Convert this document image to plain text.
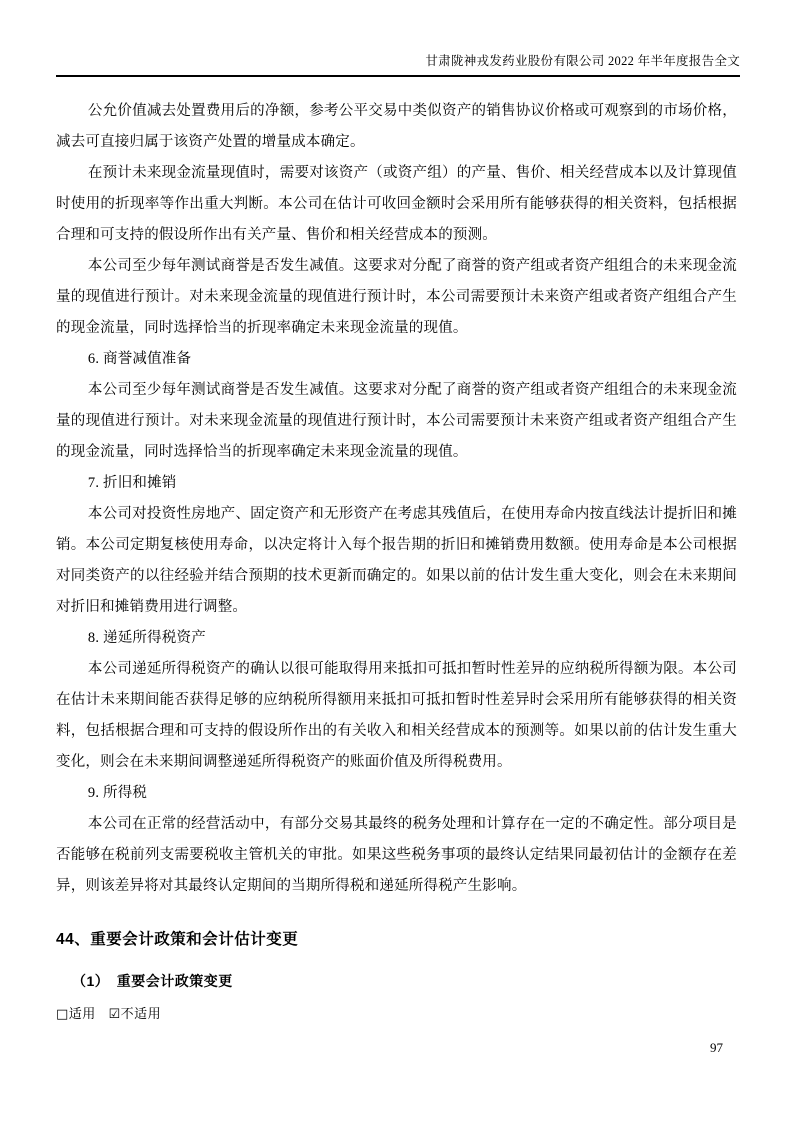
甘肃陇神戎发药业股份有限公司 2022 年半年度报告全文

公允价值减去处置费用后的净额，参考公平交易中类似资产的销售协议价格或可观察到的市场价格，减去可直接归属于该资产处置的增量成本确定。

在预计未来现金流量现值时，需要对该资产（或资产组）的产量、售价、相关经营成本以及计算现值时使用的折现率等作出重大判断。本公司在估计可收回金额时会采用所有能够获得的相关资料，包括根据合理和可支持的假设所作出有关产量、售价和相关经营成本的预测。

本公司至少每年测试商誉是否发生减值。这要求对分配了商誉的资产组或者资产组组合的未来现金流量的现值进行预计。对未来现金流量的现值进行预计时，本公司需要预计未来资产组或者资产组组合产生的现金流量，同时选择恰当的折现率确定未来现金流量的现值。

6. 商誉减值准备

本公司至少每年测试商誉是否发生减值。这要求对分配了商誉的资产组或者资产组组合的未来现金流量的现值进行预计。对未来现金流量的现值进行预计时，本公司需要预计未来资产组或者资产组组合产生的现金流量，同时选择恰当的折现率确定未来现金流量的现值。

7. 折旧和摊销

本公司对投资性房地产、固定资产和无形资产在考虑其残值后，在使用寿命内按直线法计提折旧和摊销。本公司定期复核使用寿命，以决定将计入每个报告期的折旧和摊销费用数额。使用寿命是本公司根据对同类资产的以往经验并结合预期的技术更新而确定的。如果以前的估计发生重大变化，则会在未来期间对折旧和摊销费用进行调整。

8. 递延所得税资产

本公司递延所得税资产的确认以很可能取得用来抵扣可抵扣暂时性差异的应纳税所得额为限。本公司在估计未来期间能否获得足够的应纳税所得额用来抵扣可抵扣暂时性差异时会采用所有能够获得的相关资料，包括根据合理和可支持的假设所作出的有关收入和相关经营成本的预测等。如果以前的估计发生重大变化，则会在未来期间调整递延所得税资产的账面价值及所得税费用。

9. 所得税

本公司在正常的经营活动中，有部分交易其最终的税务处理和计算存在一定的不确定性。部分项目是否能够在税前列支需要税收主管机关的审批。如果这些税务事项的最终认定结果同最初估计的金额存在差异，则该差异将对其最终认定期间的当期所得税和递延所得税产生影响。

44、重要会计政策和会计估计变更
（1）　重要会计政策变更

□适用 ☑不适用

97
